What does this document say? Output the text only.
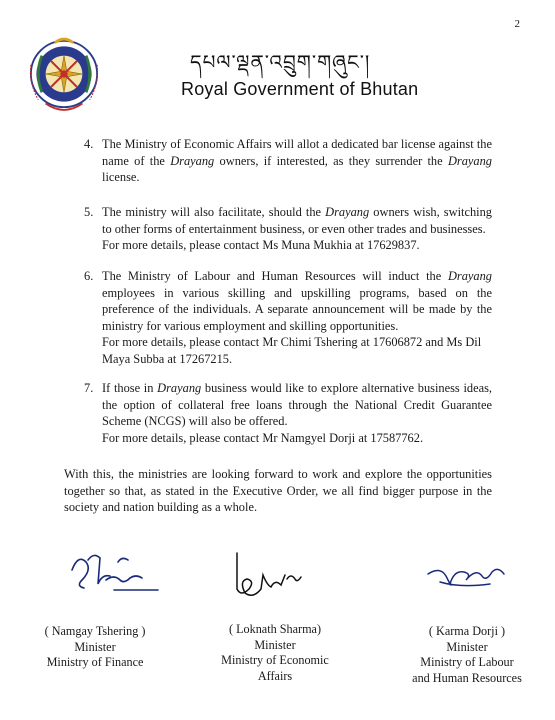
2
དཔལ་ལྡན་འབྲུག་གཞུང་།
Royal Government of Bhutan
4. The Ministry of Economic Affairs will allot a dedicated bar license against the name of the Drayang owners, if interested, as they surrender the Drayang license.
5. The ministry will also facilitate, should the Drayang owners wish, switching to other forms of entertainment business, or even other trades and businesses.
For more details, please contact Ms Muna Mukhia at 17629837.
6. The Ministry of Labour and Human Resources will induct the Drayang employees in various skilling and upskilling programs, based on the preference of the individuals. A separate announcement will be made by the ministry for various employment and skilling opportunities.
For more details, please contact Mr Chimi Tshering at 17606872 and Ms Dil Maya Subba at 17267215.
7. If those in Drayang business would like to explore alternative business ideas, the option of collateral free loans through the National Credit Guarantee Scheme (NCGS) will also be offered.
For more details, please contact Mr Namgyel Dorji at 17587762.
With this, the ministries are looking forward to work and explore the opportunities together so that, as stated in the Executive Order, we all find bigger purpose in the society and nation building as a whole.
( Namgay Tshering )
Minister
Ministry of Finance
( Loknath Sharma)
Minister
Ministry of Economic
Affairs
( Karma Dorji )
Minister
Ministry of Labour
and Human Resources
